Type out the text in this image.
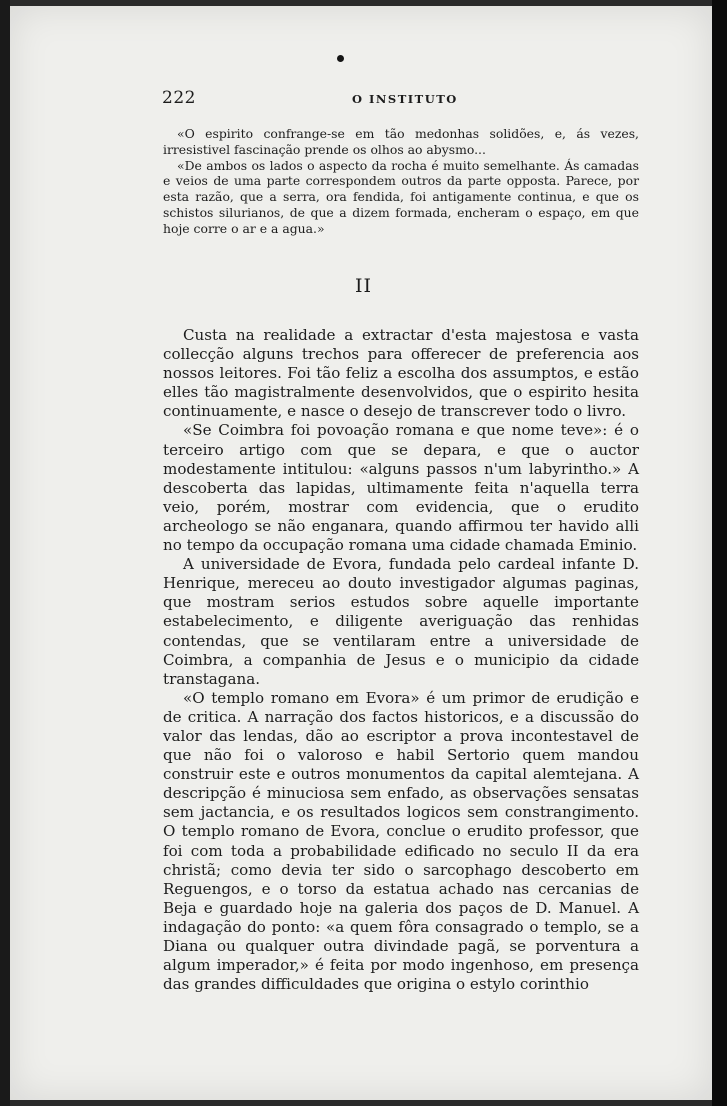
222	O INSTITUTO

«O espirito confrange-se em tão medonhas solidões, e, ás vezes, irresistivel fascinação prende os olhos ao abysmo...

«De ambos os lados o aspecto da rocha é muito semelhante. Ás camadas e veios de uma parte correspondem outros da parte opposta. Parece, por esta razão, que a serra, ora fendida, foi antigamente continua, e que os schistos silurianos, de que a dizem formada, encheram o espaço, em que hoje corre o ar e a agua.»

II

Custa na realidade a extractar d'esta majestosa e vasta collecção alguns trechos para offerecer de preferencia aos nossos leitores. Foi tão feliz a escolha dos assumptos, e estão elles tão magistralmente desenvolvidos, que o espirito hesita continuamente, e nasce o desejo de transcrever todo o livro.

«Se Coimbra foi povoação romana e que nome teve»: é o terceiro artigo com que se depara, e que o auctor modestamente intitulou: «alguns passos n'um labyrintho.» A descoberta das lapidas, ultimamente feita n'aquella terra veio, porém, mostrar com evidencia, que o erudito archeologo se não enganara, quando affirmou ter havido alli no tempo da occupação romana uma cidade chamada Eminio.

A universidade de Evora, fundada pelo cardeal infante D. Henrique, mereceu ao douto investigador algumas paginas, que mostram serios estudos sobre aquelle importante estabelecimento, e diligente averiguação das renhidas contendas, que se ventilaram entre a universidade de Coimbra, a companhia de Jesus e o municipio da cidade transtagana.

«O templo romano em Evora» é um primor de erudição e de critica. A narração dos factos historicos, e a discussão do valor das lendas, dão ao escriptor a prova incontestavel de que não foi o valoroso e habil Sertorio quem mandou construir este e outros monumentos da capital alemtejana. A descripção é minuciosa sem enfado, as observações sensatas sem jactancia, e os resultados logicos sem constrangimento. O templo romano de Evora, conclue o erudito professor, que foi com toda a probabilidade edificado no seculo II da era christã; como devia ter sido o sarcophago descoberto em Reguengos, e o torso da estatua achado nas cercanias de Beja e guardado hoje na galeria dos paços de D. Manuel. A indagação do ponto: «a quem fôra consagrado o templo, se a Diana ou qualquer outra divindade pagã, se porventura a algum imperador,» é feita por modo ingenhoso, em presença das grandes difficuldades que origina o estylo corinthio
